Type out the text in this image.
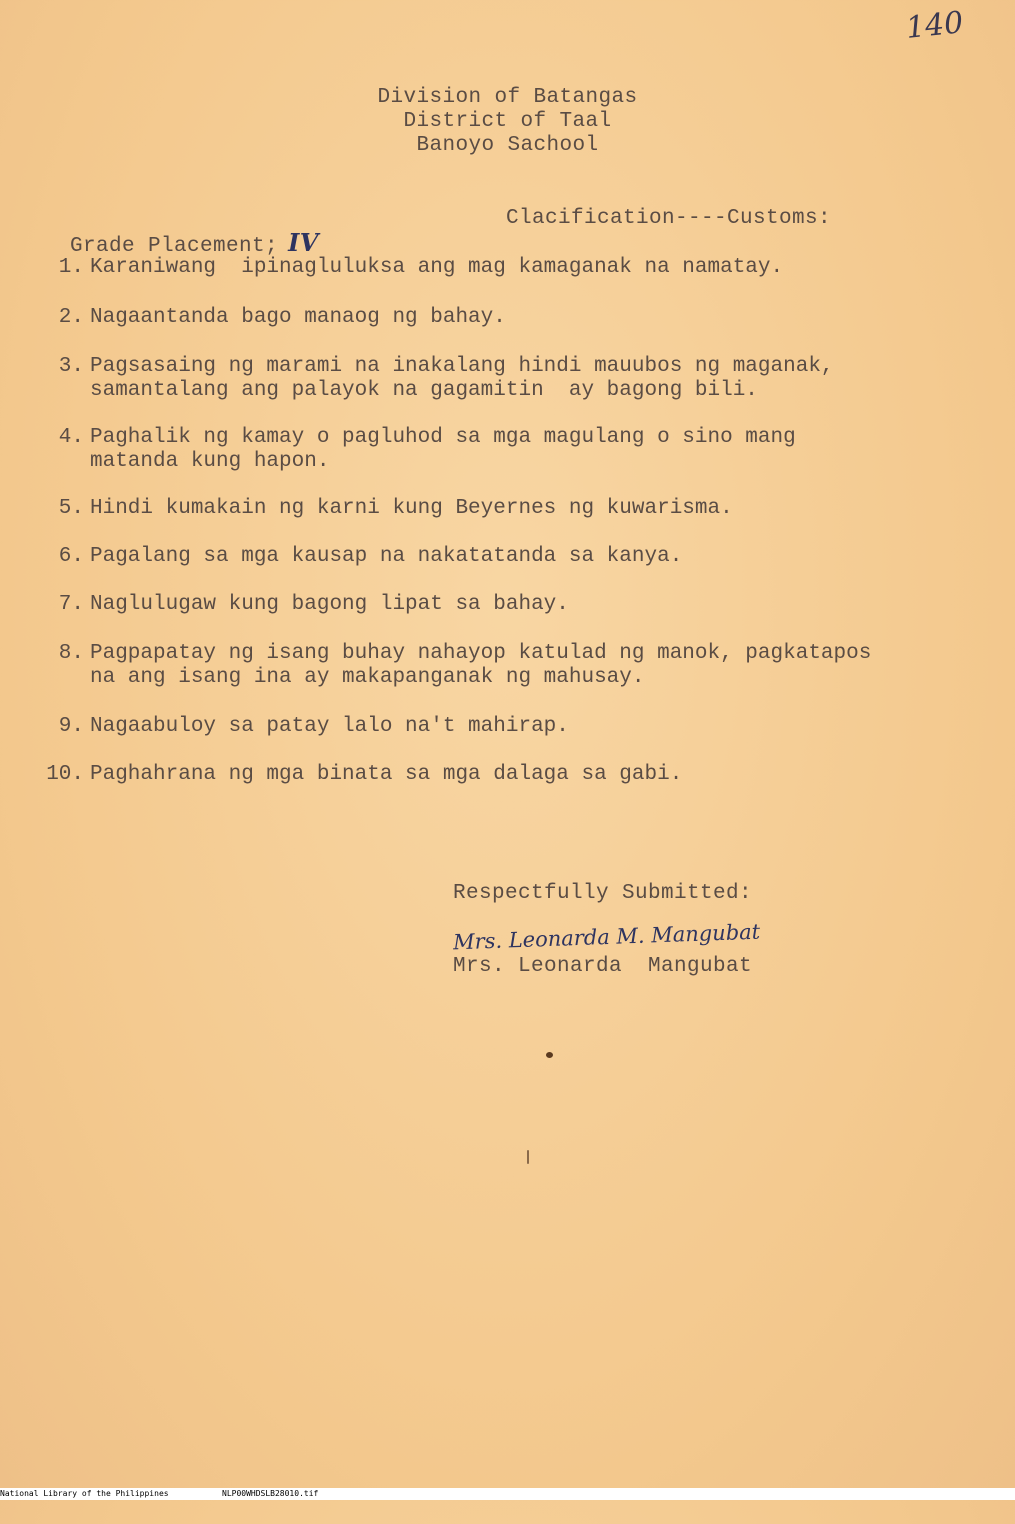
140
Division of Batangas
District of Taal
Banoyo Sachool

Grade Placement; IV

Clacification----Customs:
1. Karaniwang  ipinagluluksa ang mag kamaganak na namatay.
2. Nagaantanda bago manaog ng bahay.
3. Pagsasaing ng marami na inakalang hindi mauubos ng maganak,
samantalang ang palayok na gagamitin  ay bagong bili.
4. Paghalik ng kamay o pagluhod sa mga magulang o sino mang
matanda kung hapon.
5. Hindi kumakain ng karni kung Beyernes ng kuwarisma.
6. Pagalang sa mga kausap na nakatatanda sa kanya.
7. Naglulugaw kung bagong lipat sa bahay.
8. Pagpapatay ng isang buhay nahayop katulad ng manok, pagkatapos
na ang isang ina ay makapanganak ng mahusay.
9. Nagaabuloy sa patay lalo na't mahirap.
10. Paghahrana ng mga binata sa mga dalaga sa gabi.
Respectfully Submitted:
Mrs. Leonarda M. Mangubat
Mrs. Leonarda  Mangubat

National Library of the Philippines

	NLP00WHDSLB28010.tif
